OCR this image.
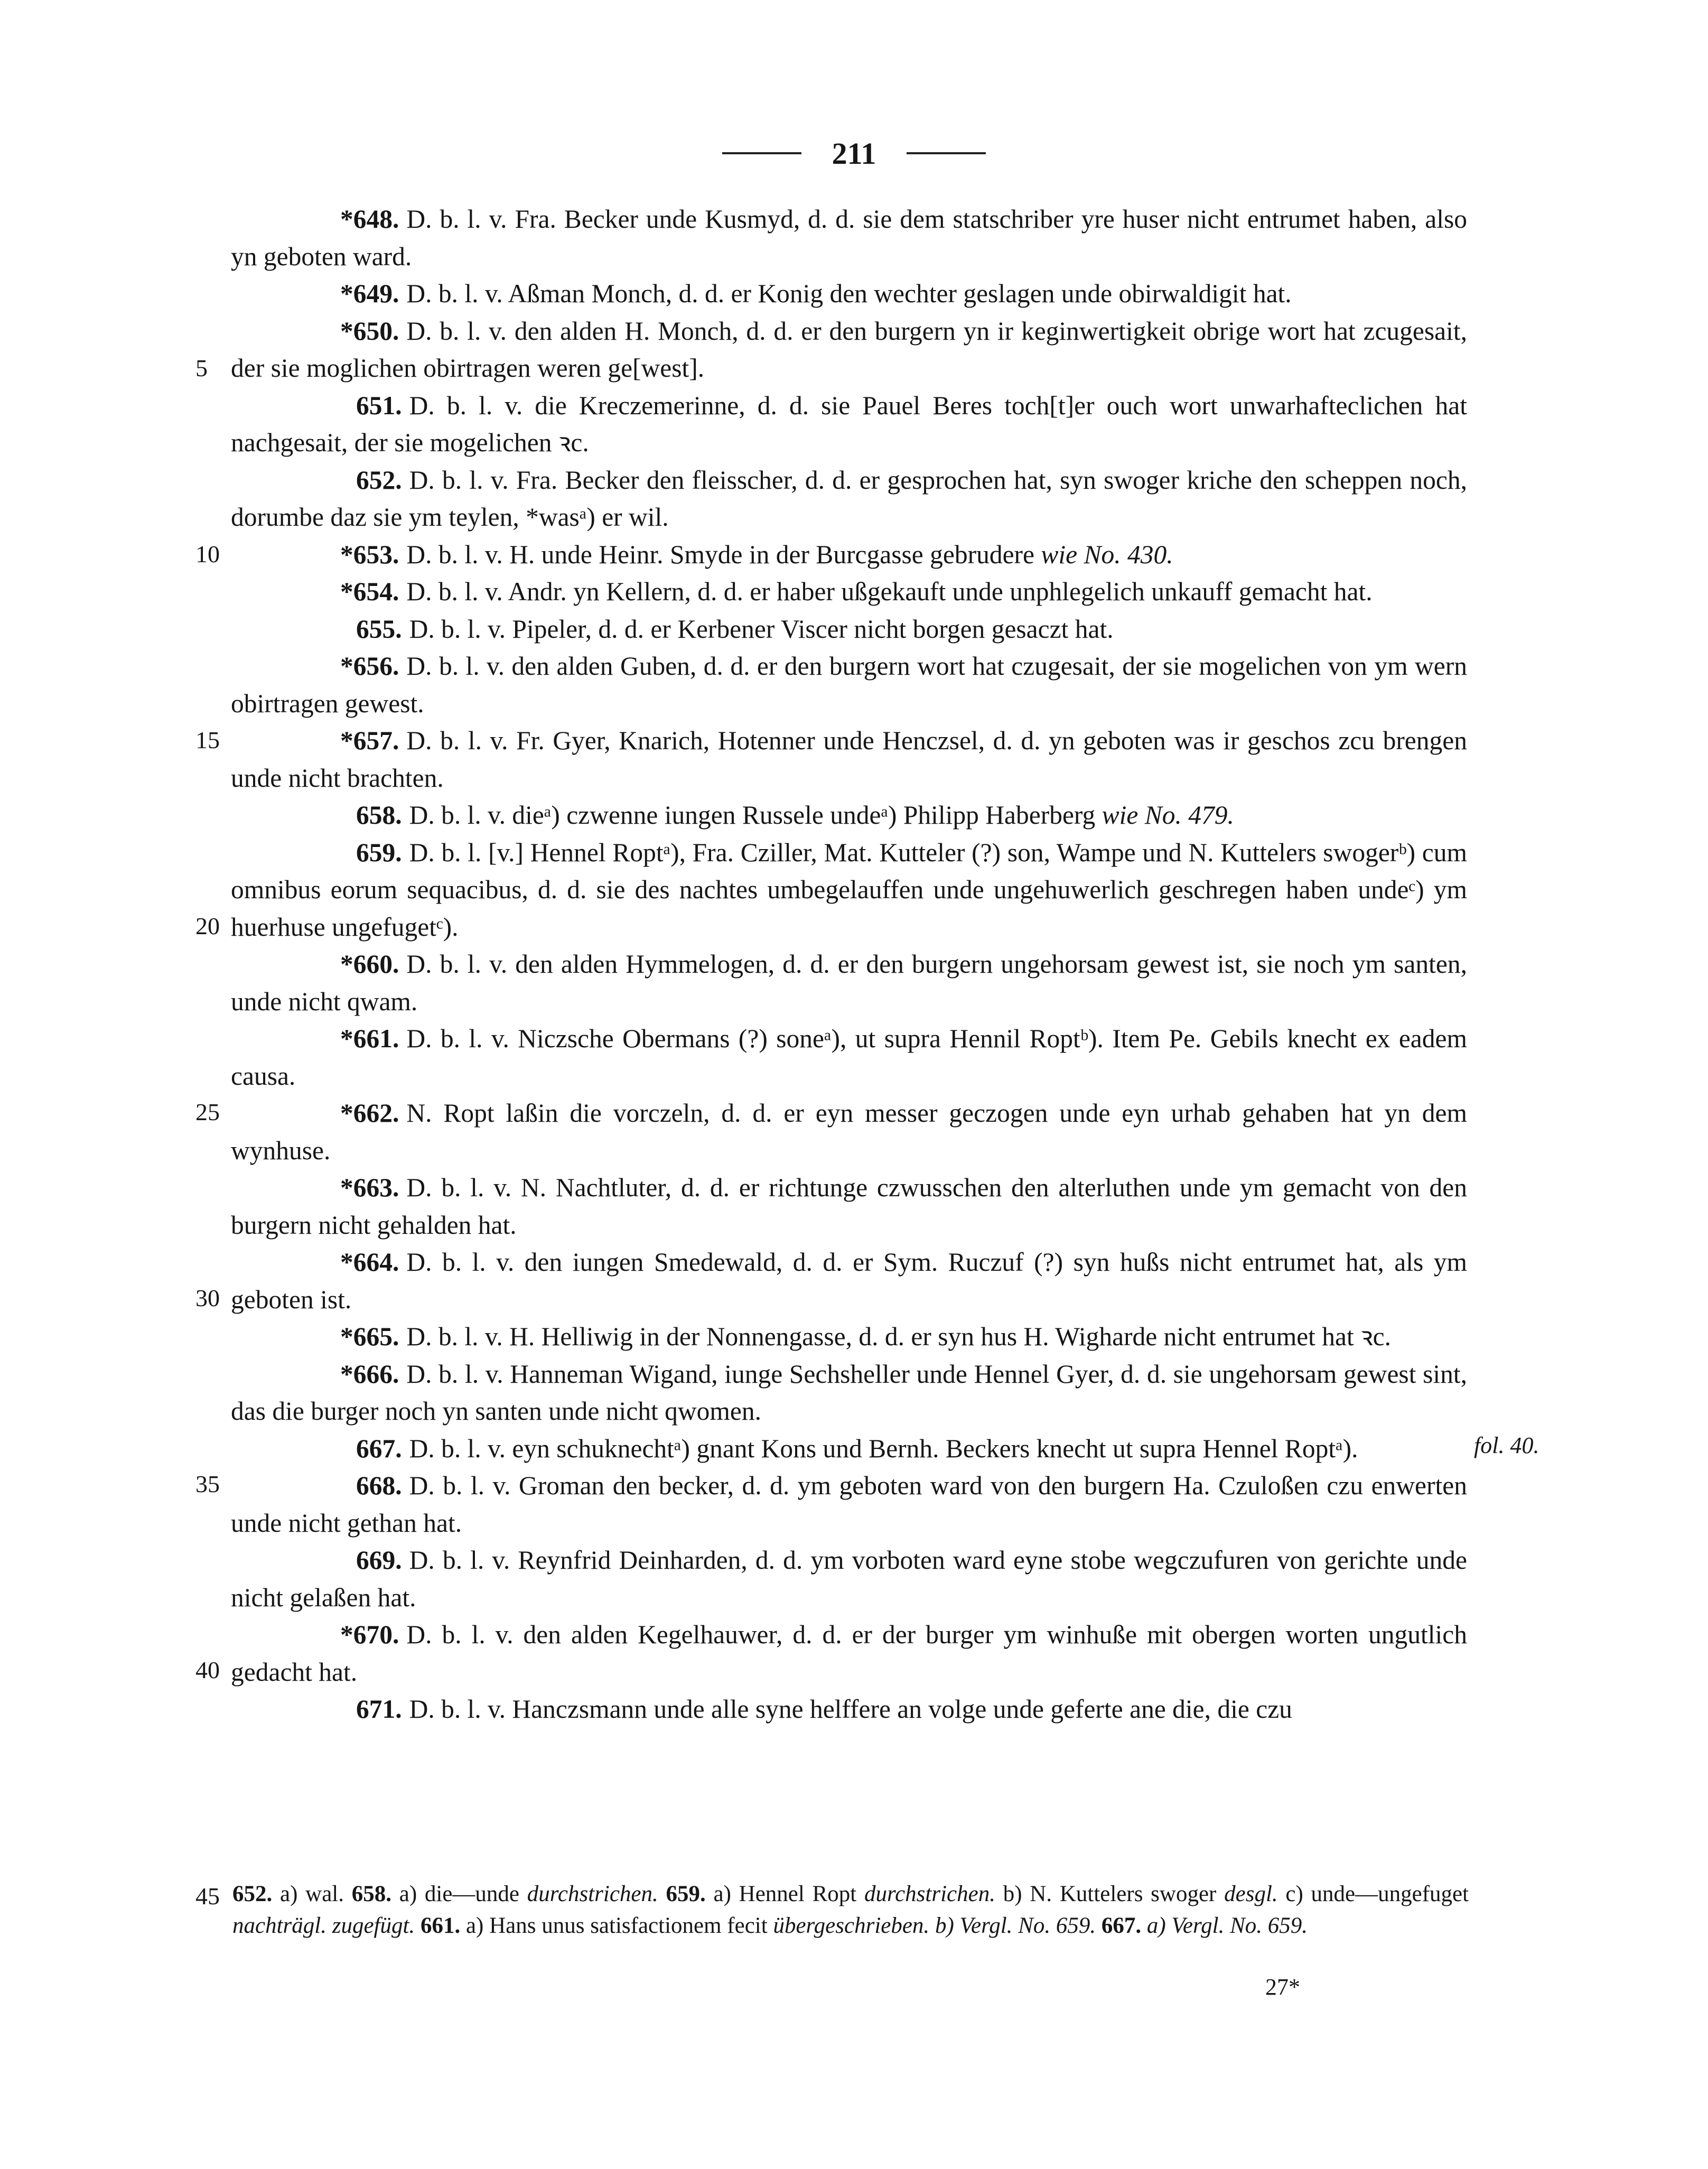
211

*648. D. b. l. v. Fra. Becker unde Kusmyd, d. d. sie dem statschriber yre huser nicht entrumet haben, also yn geboten ward.

*649. D. b. l. v. Aßman Monch, d. d. er Konig den wechter geslagen unde obirwaldigit hat.

*650. D. b. l. v. den alden H. Monch, d. d. er den burgern yn ir keginwertigkeit obrige wort hat zcugesait, der sie moglichen obirtragen weren ge[west].

651. D. b. l. v. die Kreczemerinne, d. d. sie Pauel Beres toch[t]er ouch wort unwarhafteclichen hat nachgesait, der sie mogelichen ꝛc.

652. D. b. l. v. Fra. Becker den fleisscher, d. d. er gesprochen hat, syn swoger kriche den scheppen noch, dorumbe daz sie ym teylen, *wasᵃ) er wil.

*653. D. b. l. v. H. unde Heinr. Smyde in der Burcgasse gebrudere wie No. 430.

*654. D. b. l. v. Andr. yn Kellern, d. d. er haber ußgekauft unde unphlegelich unkauff gemacht hat.

655. D. b. l. v. Pipeler, d. d. er Kerbener Viscer nicht borgen gesaczt hat.

*656. D. b. l. v. den alden Guben, d. d. er den burgern wort hat czugesait, der sie mogelichen von ym wern obirtragen gewest.

*657. D. b. l. v. Fr. Gyer, Knarich, Hotenner unde Henczsel, d. d. yn geboten was ir geschos zcu brengen unde nicht brachten.

658. D. b. l. v. dieᵃ) czwenne iungen Russele undeᵃ) Philipp Haberberg wie No. 479.

659. D. b. l. [v.] Hennel Roptᵃ), Fra. Cziller, Mat. Kutteler (?) son, Wampe und N. Kuttelers swogerᵇ) cum omnibus eorum sequacibus, d. d. sie des nachtes umbegelauffen unde ungehuwerlich geschregen haben undeᶜ) ym huerhuse ungefugetᶜ).

*660. D. b. l. v. den alden Hymmelogen, d. d. er den burgern ungehorsam gewest ist, sie noch ym santen, unde nicht qwam.

*661. D. b. l. v. Niczsche Obermans (?) soneᵃ), ut supra Hennil Roptᵇ). Item Pe. Gebils knecht ex eadem causa.

*662. N. Ropt laßin die vorczeln, d. d. er eyn messer geczogen unde eyn urhab gehaben hat yn dem wynhuse.

*663. D. b. l. v. N. Nachtluter, d. d. er richtunge czwusschen den alterluthen unde ym gemacht von den burgern nicht gehalden hat.

*664. D. b. l. v. den iungen Smedewald, d. d. er Sym. Ruczuf (?) syn hußs nicht entrumet hat, als ym geboten ist.

*665. D. b. l. v. H. Helliwig in der Nonnengasse, d. d. er syn hus H. Wigharde nicht entrumet hat ꝛc.

*666. D. b. l. v. Hanneman Wigand, iunge Sechsheller unde Hennel Gyer, d. d. sie ungehorsam gewest sint, das die burger noch yn santen unde nicht qwomen.

667. D. b. l. v. eyn schuknechtᵃ) gnant Kons und Bernh. Beckers knecht ut supra Hennel Roptᵃ).

668. D. b. l. v. Groman den becker, d. d. ym geboten ward von den burgern Ha. Czuloßen czu enwerten unde nicht gethan hat.

669. D. b. l. v. Reynfrid Deinharden, d. d. ym vorboten ward eyne stobe wegczufuren von gerichte unde nicht gelaßen hat.

*670. D. b. l. v. den alden Kegelhauwer, d. d. er der burger ym winhuße mit obergen worten ungutlich gedacht hat.

671. D. b. l. v. Hanczsmann unde alle syne helffere an volge unde geferte ane die, die czu

5
10
15
20
25
30
35
40
45
fol. 40.
652. a) wal. 658. a) die—unde durchstrichen. 659. a) Hennel Ropt durchstrichen. b) N. Kuttelers swoger desgl. c) unde—ungefuget nachträgl. zugefügt. 661. a) Hans unus satisfactionem fecit übergeschrieben. b) Vergl. No. 659. 667. a) Vergl. No. 659.
27*
